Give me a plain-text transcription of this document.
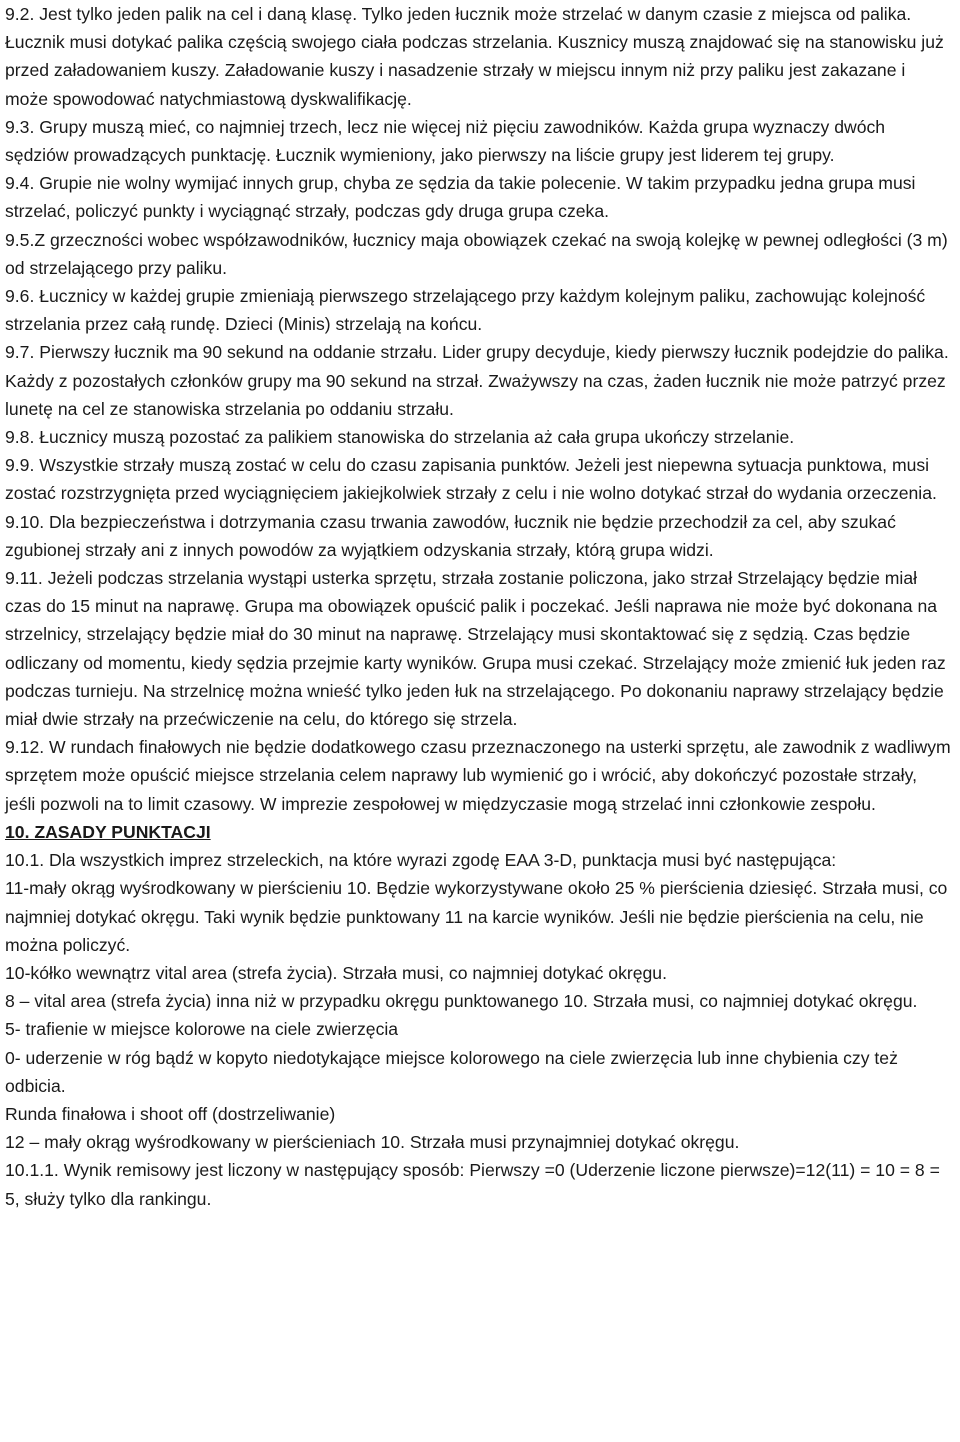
9.2. Jest tylko jeden palik na cel i daną klasę. Tylko jeden łucznik może strzelać w danym czasie z miejsca od palika. Łucznik musi dotykać palika częścią swojego ciała podczas strzelania. Kusznicy muszą znajdować się na stanowisku już przed załadowaniem kuszy. Załadowanie kuszy i nasadzenie strzały w miejscu innym niż przy paliku jest zakazane i może spowodować natychmiastową dyskwalifikację.

9.3. Grupy muszą mieć, co najmniej trzech, lecz nie więcej niż pięciu zawodników. Każda grupa wyznaczy dwóch sędziów prowadzących punktację. Łucznik wymieniony, jako pierwszy na liście grupy jest liderem tej grupy.

9.4. Grupie nie wolny wymijać innych grup, chyba ze sędzia da takie polecenie. W takim przypadku jedna grupa musi strzelać, policzyć punkty i wyciągnąć strzały, podczas gdy druga grupa czeka.

9.5.Z grzeczności wobec współzawodników, łucznicy maja obowiązek czekać na swoją kolejkę w pewnej odległości (3 m) od strzelającego przy paliku.

9.6. Łucznicy w każdej grupie zmieniają pierwszego strzelającego przy każdym kolejnym paliku, zachowując kolejność strzelania przez całą rundę. Dzieci (Minis) strzelają na końcu.

9.7. Pierwszy łucznik ma 90 sekund na oddanie strzału. Lider grupy decyduje, kiedy pierwszy łucznik podejdzie do palika. Każdy z pozostałych członków grupy ma 90 sekund na strzał. Zważywszy na czas, żaden łucznik nie może patrzyć przez lunetę na cel ze stanowiska strzelania po oddaniu strzału.

9.8. Łucznicy muszą pozostać za palikiem stanowiska do strzelania aż cała grupa ukończy strzelanie.

9.9. Wszystkie strzały muszą zostać w celu do czasu zapisania punktów. Jeżeli jest niepewna sytuacja punktowa, musi zostać rozstrzygnięta przed wyciągnięciem jakiejkolwiek strzały z celu i nie wolno dotykać strzał do wydania orzeczenia.

9.10. Dla bezpieczeństwa i dotrzymania czasu trwania zawodów, łucznik nie będzie przechodził za cel, aby szukać zgubionej strzały ani z innych powodów za wyjątkiem odzyskania strzały, którą grupa widzi.

9.11. Jeżeli podczas strzelania wystąpi usterka sprzętu, strzała zostanie policzona, jako strzał Strzelający będzie miał czas do 15 minut na naprawę. Grupa ma obowiązek opuścić palik i poczekać. Jeśli naprawa nie może być dokonana na strzelnicy, strzelający będzie miał do 30 minut na naprawę. Strzelający musi skontaktować się z sędzią. Czas będzie odliczany od momentu, kiedy sędzia przejmie karty wyników. Grupa musi czekać. Strzelający może zmienić łuk jeden raz podczas turnieju. Na strzelnicę można wnieść tylko jeden łuk na strzelającego. Po dokonaniu naprawy strzelający będzie miał dwie strzały na przećwiczenie na celu, do którego się strzela.

9.12. W rundach finałowych nie będzie dodatkowego czasu przeznaczonego na usterki sprzętu, ale zawodnik z wadliwym sprzętem może opuścić miejsce strzelania celem naprawy lub wymienić go i wrócić, aby dokończyć pozostałe strzały, jeśli pozwoli na to limit czasowy. W imprezie zespołowej w międzyczasie mogą strzelać inni członkowie zespołu.

10. ZASADY PUNKTACJI

10.1. Dla wszystkich imprez strzeleckich, na które wyrazi zgodę EAA 3-D, punktacja musi być następująca:

11-mały okrąg wyśrodkowany w pierścieniu 10. Będzie wykorzystywane około 25 % pierścienia dziesięć. Strzała musi, co najmniej dotykać okręgu. Taki wynik będzie punktowany 11 na karcie wyników. Jeśli nie będzie pierścienia na celu, nie można policzyć.

10-kółko wewnątrz vital area (strefa życia). Strzała musi, co najmniej dotykać okręgu.

8 – vital area (strefa życia) inna niż w przypadku okręgu punktowanego 10. Strzała musi, co najmniej dotykać okręgu.

5- trafienie w miejsce kolorowe na ciele zwierzęcia

0- uderzenie w róg bądź w kopyto niedotykające miejsce kolorowego na ciele zwierzęcia lub inne chybienia czy też odbicia.

Runda finałowa i shoot off (dostrzeliwanie)

12 – mały okrąg wyśrodkowany w pierścieniach 10. Strzała musi przynajmniej dotykać okręgu.

10.1.1. Wynik remisowy jest liczony w następujący sposób: Pierwszy =0 (Uderzenie liczone pierwsze)=12(11) = 10 = 8 = 5, służy tylko dla rankingu.
